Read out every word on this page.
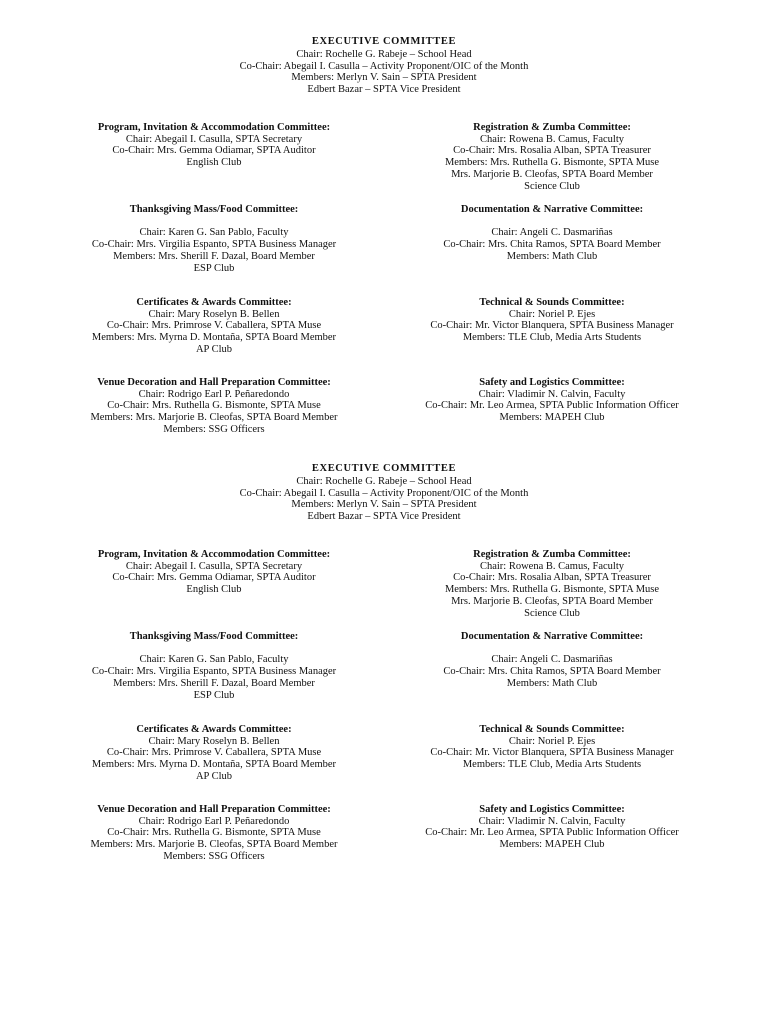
EXECUTIVE COMMITTEE
Chair: Rochelle G. Rabeje – School Head
Co-Chair: Abegail I. Casulla – Activity Proponent/OIC of the Month
Members: Merlyn V. Sain – SPTA President
Edbert Bazar – SPTA Vice President
Program, Invitation & Accommodation Committee:
Chair: Abegail I. Casulla, SPTA Secretary
Co-Chair: Mrs. Gemma Odiamar, SPTA Auditor
English Club
Registration & Zumba Committee:
Chair: Rowena B. Camus, Faculty
Co-Chair: Mrs. Rosalia Alban, SPTA Treasurer
Members: Mrs. Ruthella G. Bismonte, SPTA Muse
Mrs. Marjorie B. Cleofas, SPTA Board Member
Science Club
Thanksgiving Mass/Food Committee:
Chair: Karen G. San Pablo, Faculty
Co-Chair: Mrs. Virgilia Espanto, SPTA Business Manager
Members: Mrs. Sherill F. Dazal, Board Member
ESP Club
Documentation & Narrative Committee:
Chair: Angeli C. Dasmariñas
Co-Chair: Mrs. Chita Ramos, SPTA Board Member
Members: Math Club
Certificates & Awards Committee:
Chair: Mary Roselyn B. Bellen
Co-Chair: Mrs. Primrose V. Caballera, SPTA Muse
Members: Mrs. Myrna D. Montaña, SPTA Board Member
AP Club
Technical & Sounds Committee:
Chair: Noriel P. Ejes
Co-Chair: Mr. Victor Blanquera, SPTA Business Manager
Members: TLE Club, Media Arts Students
Venue Decoration and Hall Preparation Committee:
Chair: Rodrigo Earl P. Peñaredondo
Co-Chair: Mrs. Ruthella G. Bismonte, SPTA Muse
Members: Mrs. Marjorie B. Cleofas, SPTA Board Member
Members: SSG Officers
Safety and Logistics Committee:
Chair: Vladimir N. Calvin, Faculty
Co-Chair: Mr. Leo Armea, SPTA Public Information Officer
Members: MAPEH Club
EXECUTIVE COMMITTEE
Chair: Rochelle G. Rabeje – School Head
Co-Chair: Abegail I. Casulla – Activity Proponent/OIC of the Month
Members: Merlyn V. Sain – SPTA President
Edbert Bazar – SPTA Vice President
Program, Invitation & Accommodation Committee:
Chair: Abegail I. Casulla, SPTA Secretary
Co-Chair: Mrs. Gemma Odiamar, SPTA Auditor
English Club
Registration & Zumba Committee:
Chair: Rowena B. Camus, Faculty
Co-Chair: Mrs. Rosalia Alban, SPTA Treasurer
Members: Mrs. Ruthella G. Bismonte, SPTA Muse
Mrs. Marjorie B. Cleofas, SPTA Board Member
Science Club
Thanksgiving Mass/Food Committee:
Chair: Karen G. San Pablo, Faculty
Co-Chair: Mrs. Virgilia Espanto, SPTA Business Manager
Members: Mrs. Sherill F. Dazal, Board Member
ESP Club
Documentation & Narrative Committee:
Chair: Angeli C. Dasmariñas
Co-Chair: Mrs. Chita Ramos, SPTA Board Member
Members: Math Club
Certificates & Awards Committee:
Chair: Mary Roselyn B. Bellen
Co-Chair: Mrs. Primrose V. Caballera, SPTA Muse
Members: Mrs. Myrna D. Montaña, SPTA Board Member
AP Club
Technical & Sounds Committee:
Chair: Noriel P. Ejes
Co-Chair: Mr. Victor Blanquera, SPTA Business Manager
Members: TLE Club, Media Arts Students
Venue Decoration and Hall Preparation Committee:
Chair: Rodrigo Earl P. Peñaredondo
Co-Chair: Mrs. Ruthella G. Bismonte, SPTA Muse
Members: Mrs. Marjorie B. Cleofas, SPTA Board Member
Members: SSG Officers
Safety and Logistics Committee:
Chair: Vladimir N. Calvin, Faculty
Co-Chair: Mr. Leo Armea, SPTA Public Information Officer
Members: MAPEH Club
